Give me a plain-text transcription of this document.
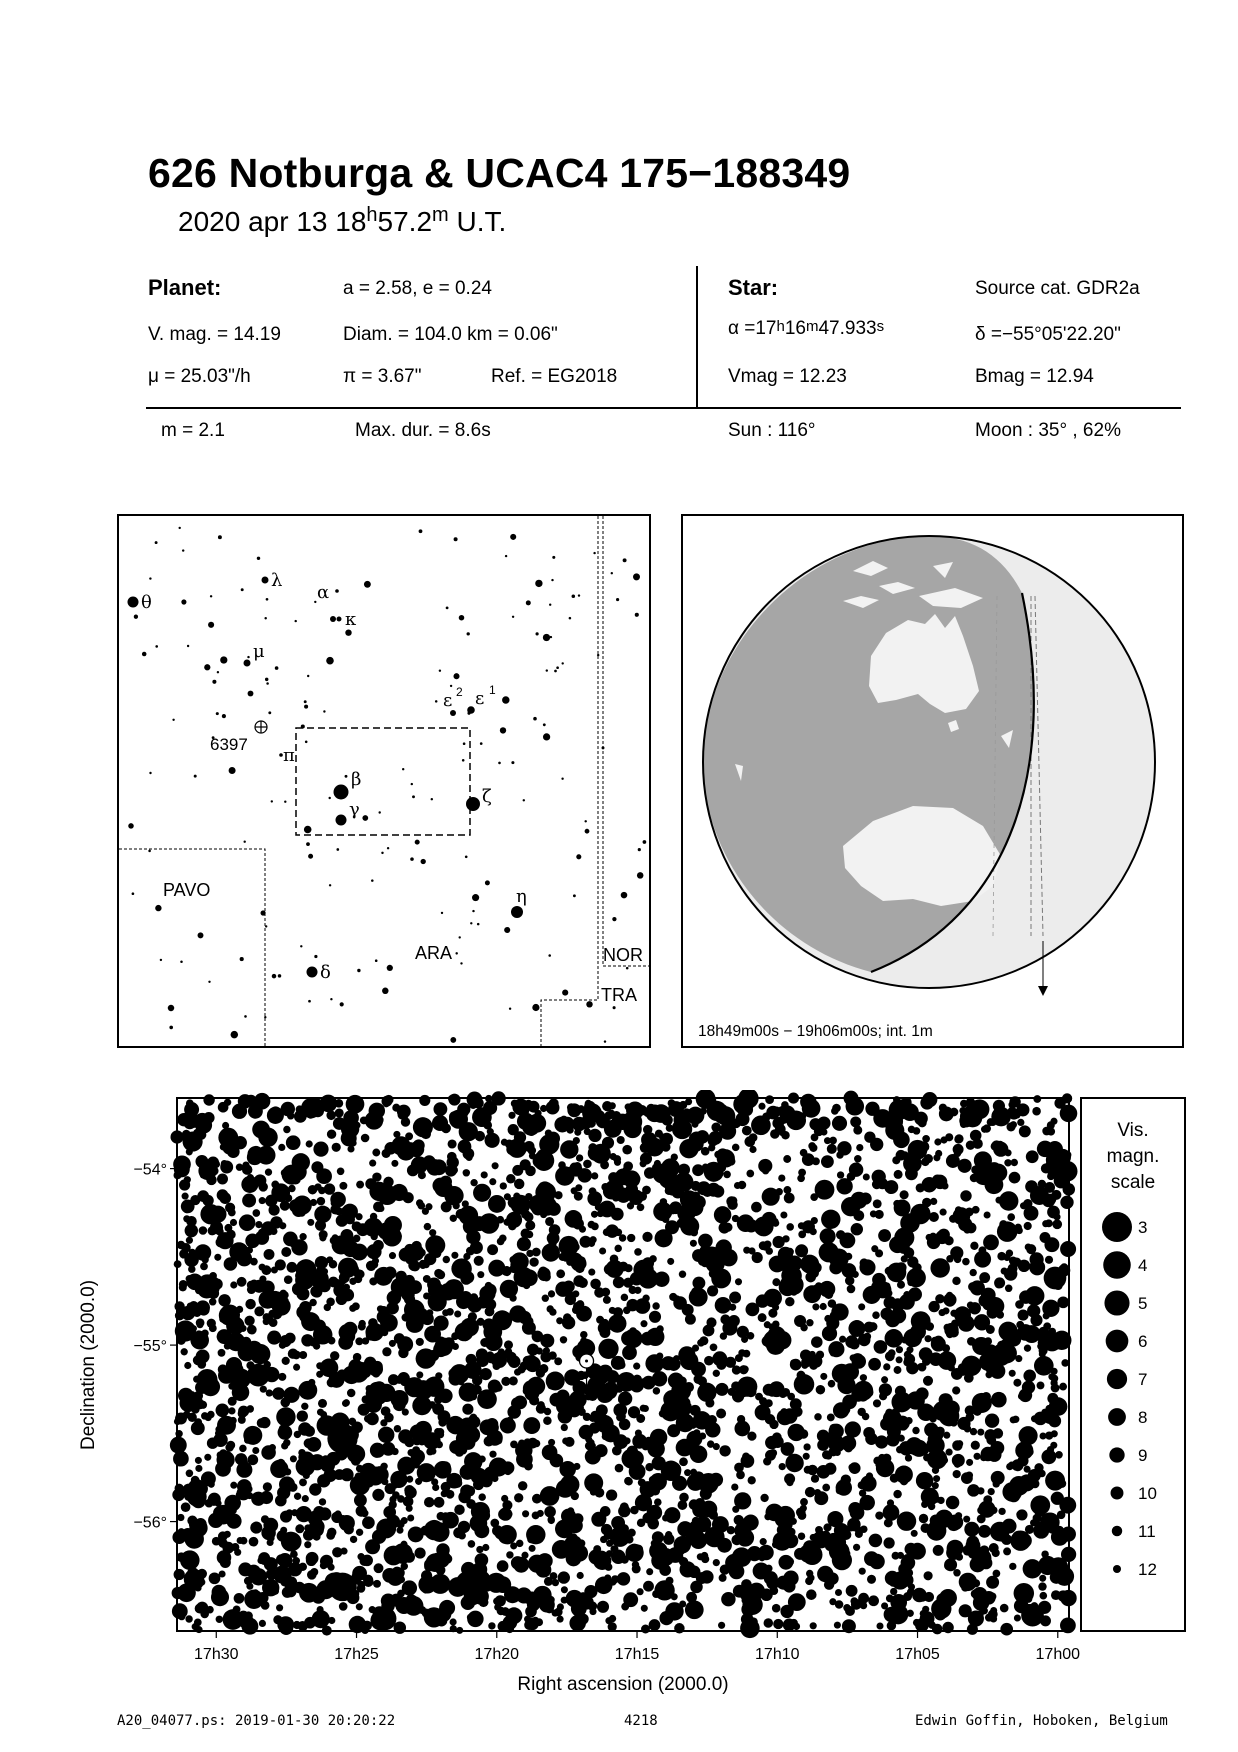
626 Notburga & UCAC4 175−188349
2020 apr 13 18$^h$57.2$^m$ U.T.
Planet:	a = 2.58, e = 0.24
V. mag. = 14.19	Diam. = 104.0 km = 0.06"
μ = 25.03"/h	π = 3.67"	Ref. = EG2018
Star:	Source cat. GDR2a
$\alpha =17^h16^m47.933^s$	δ =−55°05'22.20"
Vmag = 12.23	Bmag = 12.94
m = 2.1	Max. dur. = 8.6s	Sun : 116°	Moon : 35° , 62%
θ
λ
α
κ
μ
ε 2 ε 1
π
β
γ
ζ
η
δ
6397
PAVO
ARA	NOR
TRA
18h49m00s − 19h06m00s; int. 1m
17h30	17h25	17h20	17h15	17h10	17h05	17h00
−54°
−55°
−56°
Right ascension (2000.0)
Declination (2000.0)
Vis.
magn.
scale
3
4
5
6
7
8
9
10
11
12
A20_04077.ps: 2019-01-30 20:20:22	4218	Edwin Goffin, Hoboken, Belgium
